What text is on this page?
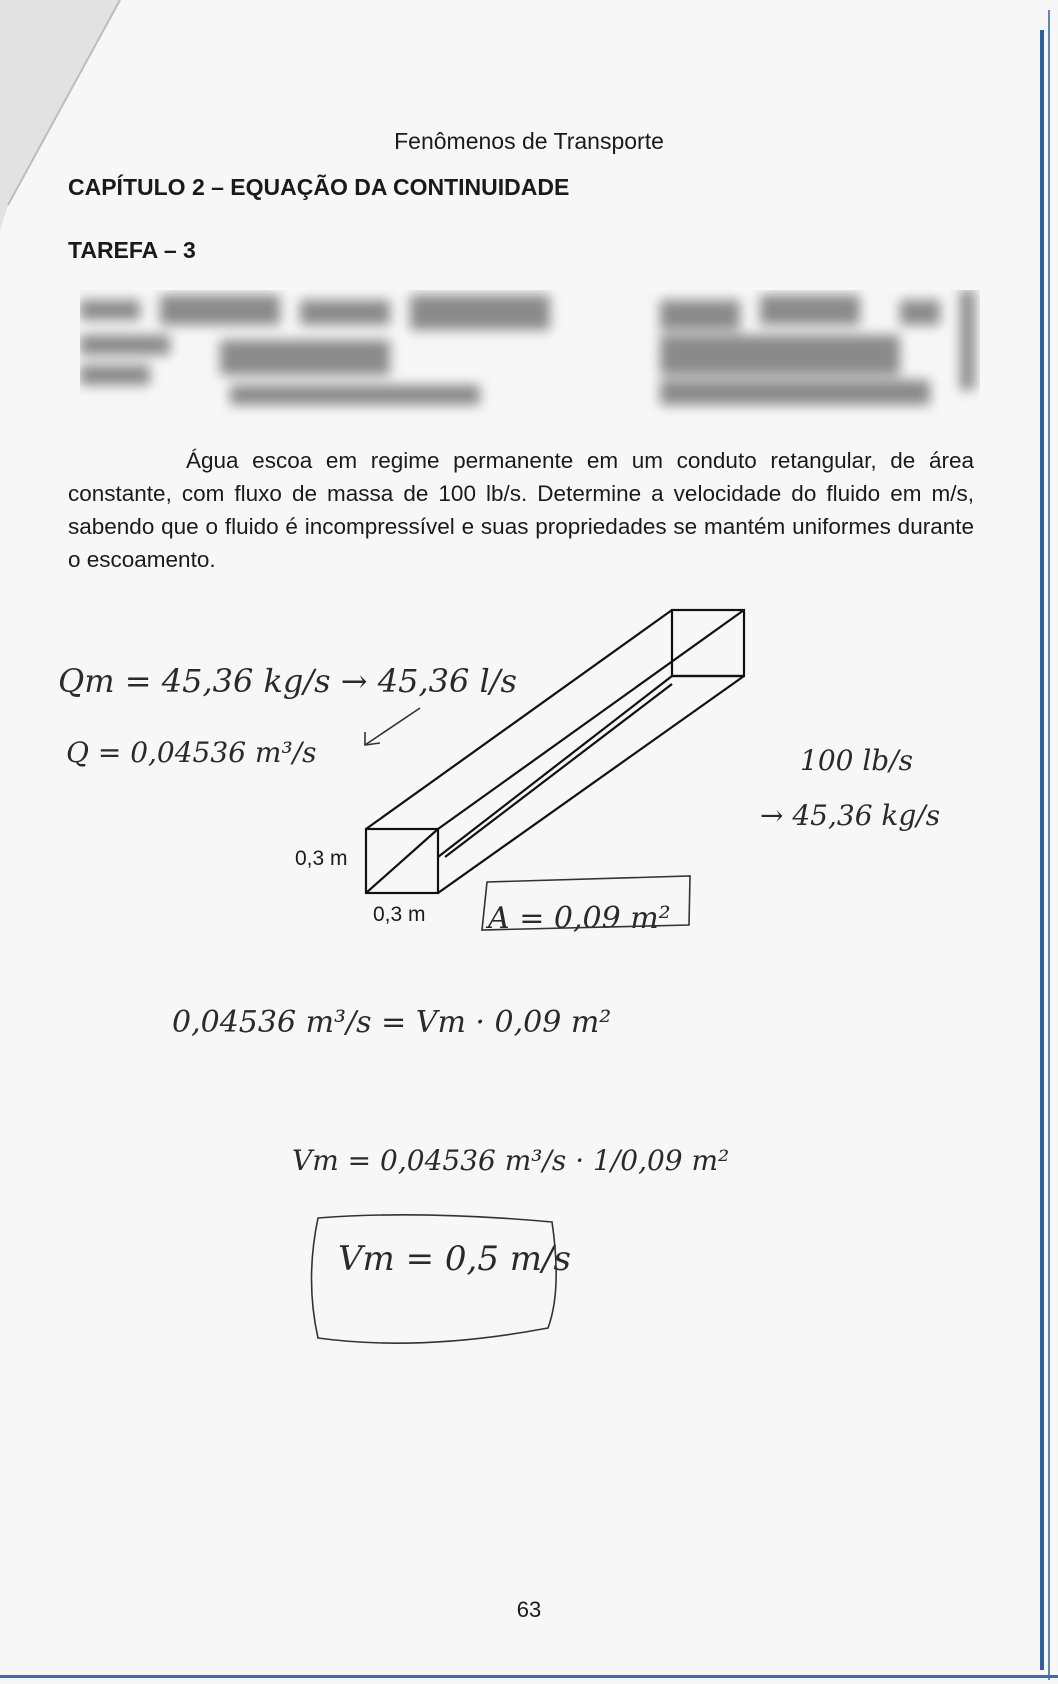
Fenômenos de Transporte
CAPÍTULO 2 – EQUAÇÃO DA CONTINUIDADE
TAREFA – 3
Água escoa em regime permanente em um conduto retangular, de área constante, com fluxo de massa de 100 lb/s. Determine a velocidade do fluido em m/s, sabendo que o fluido é incompressível e suas propriedades se mantém uniformes durante o escoamento.
0,3 m
0,3 m
Qm = 45,36 kg/s → 45,36 l/s
Q = 0,04536 m³/s	100 lb/s
→ 45,36 kg/s
A = 0,09 m²
0,04536 m³/s = Vm · 0,09 m²
Vm = 0,04536 m³/s · 1/0,09 m²
Vm = 0,5 m/s
63
